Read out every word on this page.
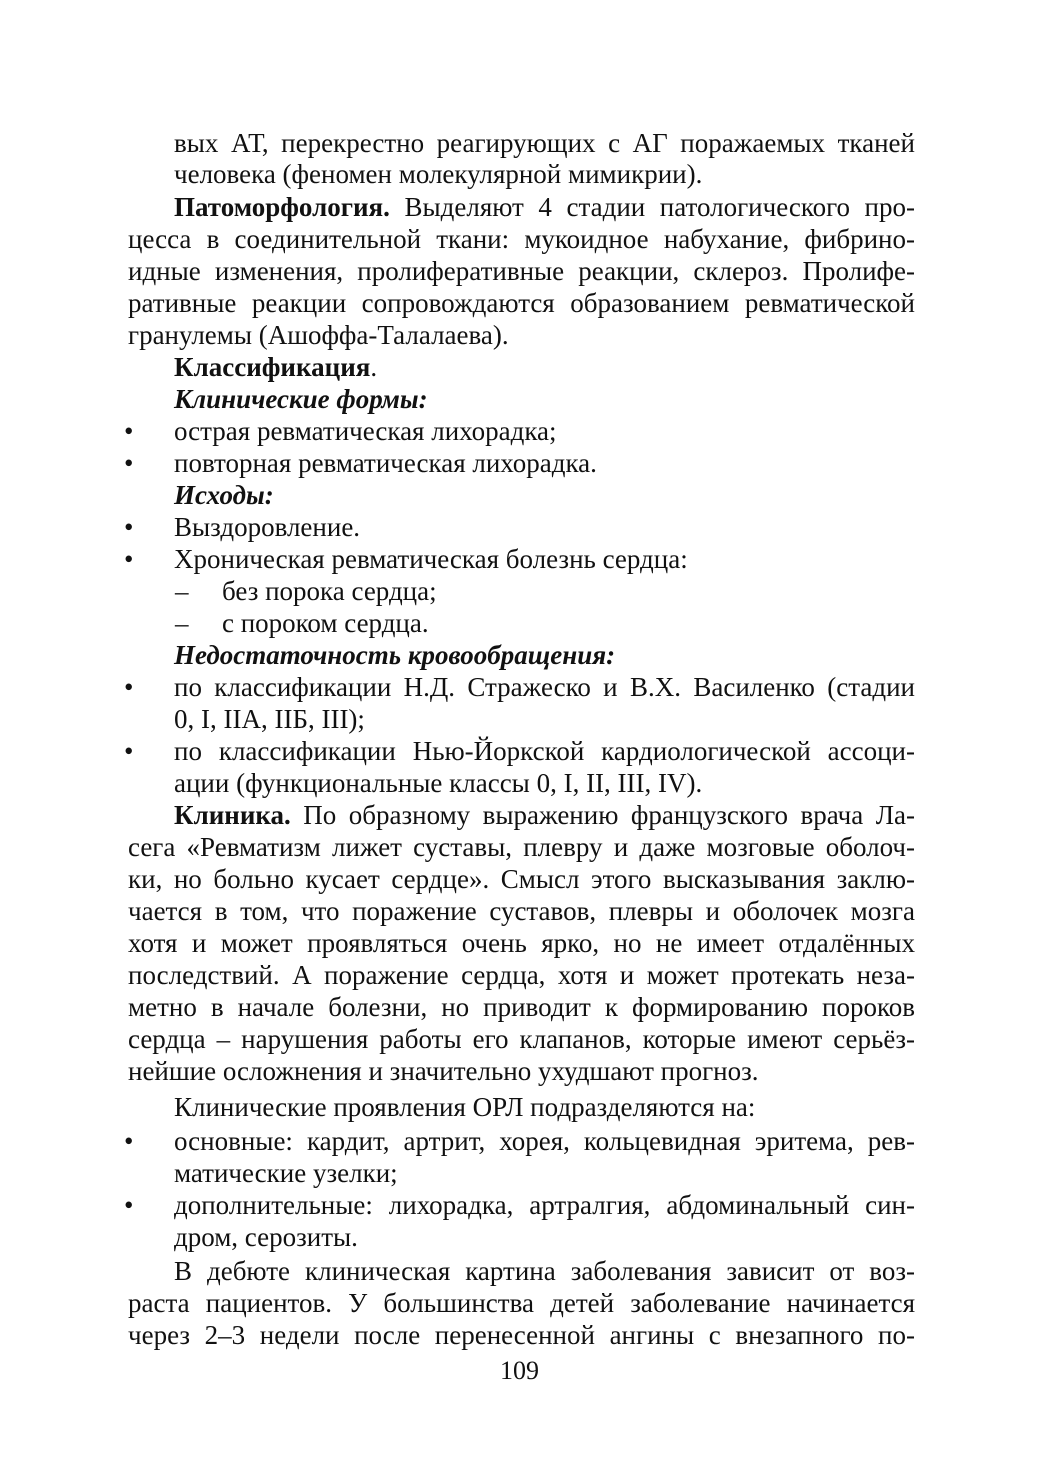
вых АТ, перекрестно реагирующих с АГ поражаемых тканей
человека (феномен молекулярной мимикрии).
Патоморфология. Выделяют 4 стадии патологического про-
цесса в соединительной ткани: мукоидное набухание, фибрино-
идные изменения, пролиферативные реакции, склероз. Пролифе-
ративные реакции сопровождаются образованием ревматической
гранулемы (Ашоффа-Талалаева).
Классификация.
Клинические формы:
• острая ревматическая лихорадка;
• повторная ревматическая лихорадка.
Исходы:
• Выздоровление.
• Хроническая ревматическая болезнь сердца:
– без порока сердца;
– с пороком сердца.
Недостаточность кровообращения:
• по классификации Н.Д. Стражеско и В.Х. Василенко (стадии
0, I, IIА, IIБ, III);
• по классификации Нью-Йоркской кардиологической ассоци-
ации (функциональные классы 0, I, II, III, IV).
Клиника. По образному выражению французского врача Ла-
сега «Ревматизм лижет суставы, плевру и даже мозговые оболоч-
ки, но больно кусает сердце». Смысл этого высказывания заклю-
чается в том, что поражение суставов, плевры и оболочек мозга
хотя и может проявляться очень ярко, но не имеет отдалённых
последствий. А поражение сердца, хотя и может протекать неза-
метно в начале болезни, но приводит к формированию пороков
сердца – нарушения работы его клапанов, которые имеют серьёз-
нейшие осложнения и значительно ухудшают прогноз.
Клинические проявления ОРЛ подразделяются на:
• основные: кардит, артрит, хорея, кольцевидная эритема, рев-
матические узелки;
• дополнительные: лихорадка, артралгия, абдоминальный син-
дром, серозиты.
В дебюте клиническая картина заболевания зависит от воз-
раста пациентов. У большинства детей заболевание начинается
через 2–3 недели после перенесенной ангины с внезапного по-
109
